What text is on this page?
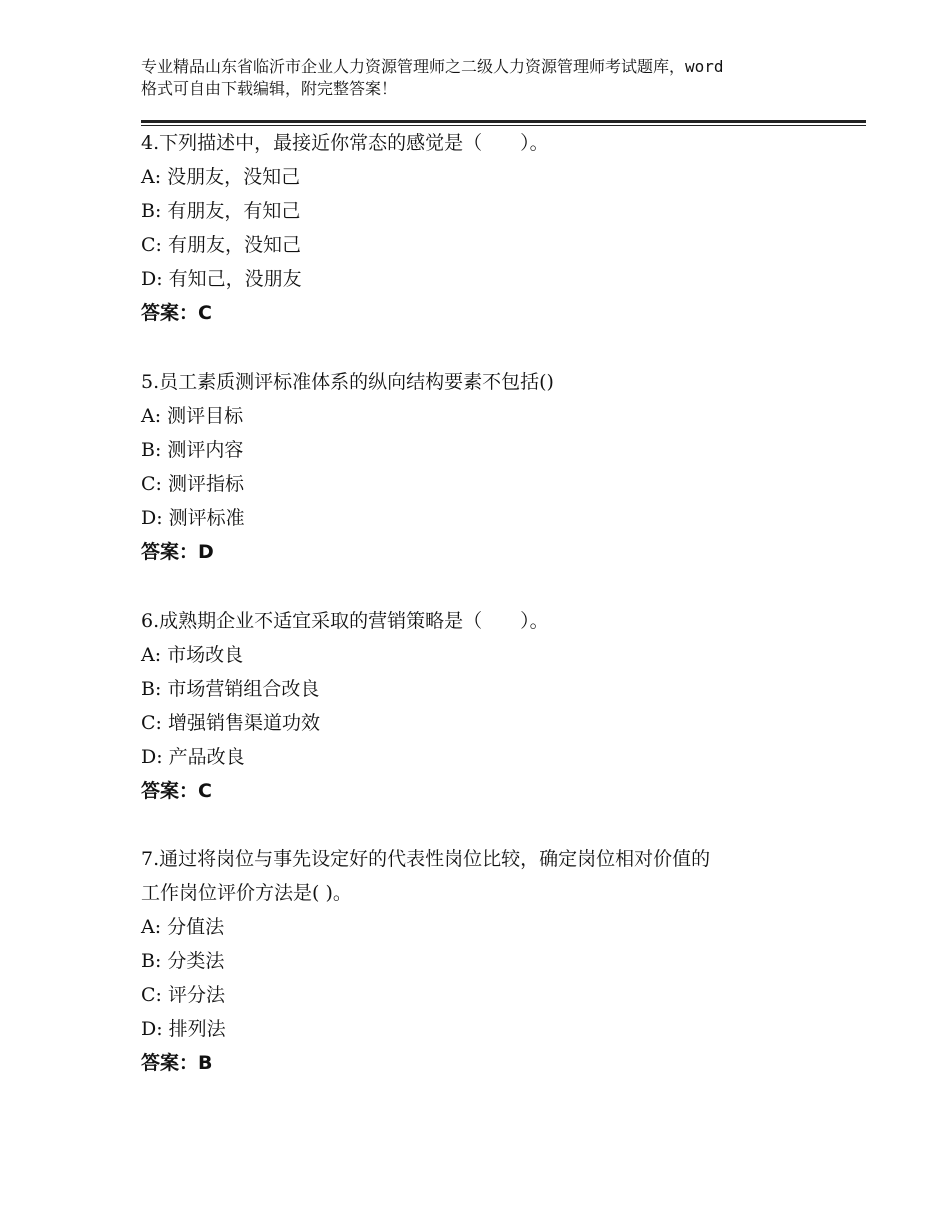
专业精品山东省临沂市企业人力资源管理师之二级人力资源管理师考试题库，word
格式可自由下载编辑，附完整答案！
4.下列描述中，最接近你常态的感觉是（　　）。
A: 没朋友，没知己
B: 有朋友，有知己
C: 有朋友，没知己
D: 有知己，没朋友
答案：C
5.员工素质测评标准体系的纵向结构要素不包括()
A: 测评目标
B: 测评内容
C: 测评指标
D: 测评标准
答案：D
6.成熟期企业不适宜采取的营销策略是（　　）。
A: 市场改良
B: 市场营销组合改良
C: 增强销售渠道功效
D: 产品改良
答案：C
7.通过将岗位与事先设定好的代表性岗位比较，确定岗位相对价值的
工作岗位评价方法是( )。
A: 分值法
B: 分类法
C: 评分法
D: 排列法
答案：B
